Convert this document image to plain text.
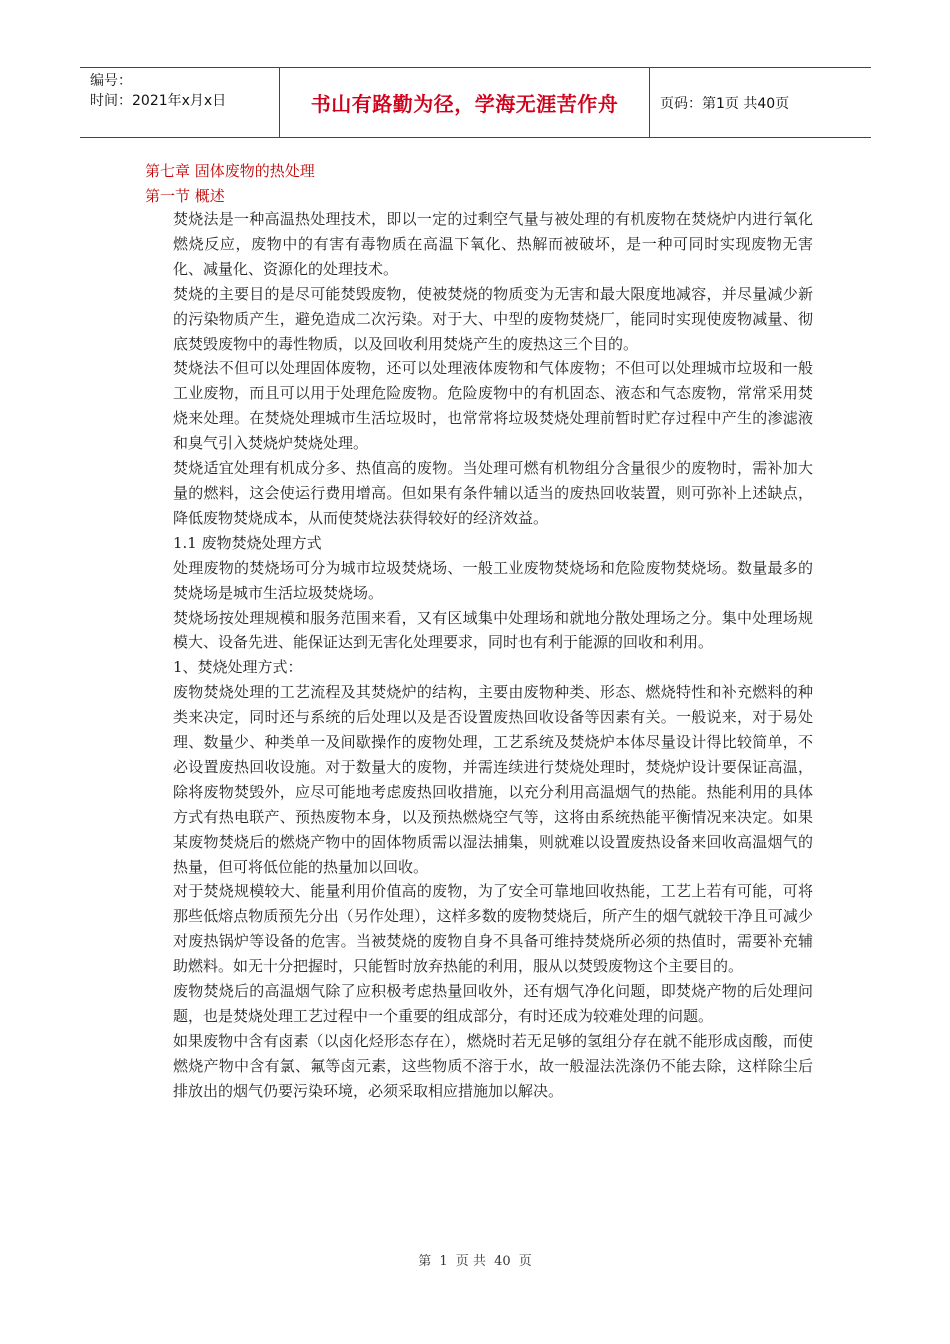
编号：
时间：2021年x月x日	书山有路勤为径，学海无涯苦作舟	页码：第1页 共40页
第七章 固体废物的热处理
第一节 概述

焚烧法是一种高温热处理技术，即以一定的过剩空气量与被处理的有机废物在焚烧炉内进行氧化燃烧反应，废物中的有害有毒物质在高温下氧化、热解而被破坏，是一种可同时实现废物无害化、减量化、资源化的处理技术。

焚烧的主要目的是尽可能焚毁废物，使被焚烧的物质变为无害和最大限度地减容，并尽量减少新的污染物质产生，避免造成二次污染。对于大、中型的废物焚烧厂，能同时实现使废物减量、彻底焚毁废物中的毒性物质，以及回收利用焚烧产生的废热这三个目的。

焚烧法不但可以处理固体废物，还可以处理液体废物和气体废物；不但可以处理城市垃圾和一般工业废物，而且可以用于处理危险废物。危险废物中的有机固态、液态和气态废物，常常采用焚烧来处理。在焚烧处理城市生活垃圾时，也常常将垃圾焚烧处理前暂时贮存过程中产生的渗滤液和臭气引入焚烧炉焚烧处理。

焚烧适宜处理有机成分多、热值高的废物。当处理可燃有机物组分含量很少的废物时，需补加大量的燃料，这会使运行费用增高。但如果有条件辅以适当的废热回收装置，则可弥补上述缺点，降低废物焚烧成本，从而使焚烧法获得较好的经济效益。

1.1 废物焚烧处理方式

处理废物的焚烧场可分为城市垃圾焚烧场、一般工业废物焚烧场和危险废物焚烧场。数量最多的焚烧场是城市生活垃圾焚烧场。

焚烧场按处理规模和服务范围来看，又有区域集中处理场和就地分散处理场之分。集中处理场规模大、设备先进、能保证达到无害化处理要求，同时也有利于能源的回收和利用。

1、焚烧处理方式：

废物焚烧处理的工艺流程及其焚烧炉的结构，主要由废物种类、形态、燃烧特性和补充燃料的种类来决定，同时还与系统的后处理以及是否设置废热回收设备等因素有关。一般说来，对于易处理、数量少、种类单一及间歇操作的废物处理，工艺系统及焚烧炉本体尽量设计得比较简单，不必设置废热回收设施。对于数量大的废物，并需连续进行焚烧处理时，焚烧炉设计要保证高温，除将废物焚毁外，应尽可能地考虑废热回收措施，以充分利用高温烟气的热能。热能利用的具体方式有热电联产、预热废物本身，以及预热燃烧空气等，这将由系统热能平衡情况来决定。如果某废物焚烧后的燃烧产物中的固体物质需以湿法捕集，则就难以设置废热设备来回收高温烟气的热量，但可将低位能的热量加以回收。

对于焚烧规模较大、能量利用价值高的废物，为了安全可靠地回收热能，工艺上若有可能，可将那些低熔点物质预先分出（另作处理），这样多数的废物焚烧后，所产生的烟气就较干净且可减少对废热锅炉等设备的危害。当被焚烧的废物自身不具备可维持焚烧所必须的热值时，需要补充辅助燃料。如无十分把握时，只能暂时放弃热能的利用，服从以焚毁废物这个主要目的。

废物焚烧后的高温烟气除了应积极考虑热量回收外，还有烟气净化问题，即焚烧产物的后处理问题，也是焚烧处理工艺过程中一个重要的组成部分，有时还成为较难处理的问题。

如果废物中含有卤素（以卤化烃形态存在），燃烧时若无足够的氢组分存在就不能形成卤酸，而使燃烧产物中含有氯、氟等卤元素，这些物质不溶于水，故一般湿法洗涤仍不能去除，这样除尘后排放出的烟气仍要污染环境，必须采取相应措施加以解决。

第 1 页 共 40 页
